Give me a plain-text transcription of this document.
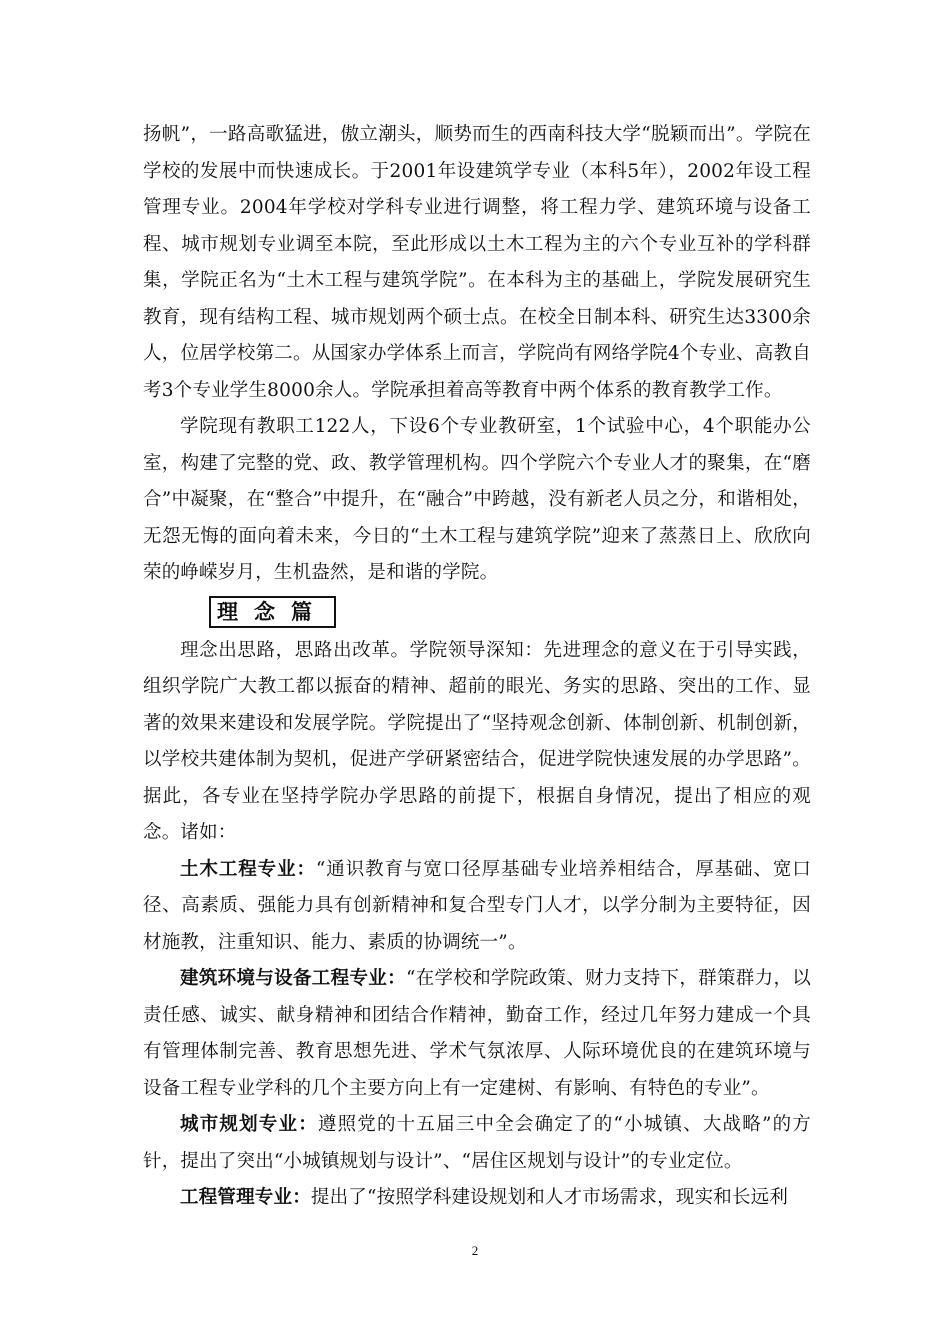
扬帆”，一路高歌猛进，傲立潮头，顺势而生的西南科技大学“脱颖而出”。学院在学校的发展中而快速成长。于2001年设建筑学专业（本科5年），2002年设工程管理专业。2004年学校对学科专业进行调整，将工程力学、建筑环境与设备工程、城市规划专业调至本院，至此形成以土木工程为主的六个专业互补的学科群集，学院正名为“土木工程与建筑学院”。在本科为主的基础上，学院发展研究生教育，现有结构工程、城市规划两个硕士点。在校全日制本科、研究生达3300余人，位居学校第二。从国家办学体系上而言，学院尚有网络学院4个专业、高教自考3个专业学生8000余人。学院承担着高等教育中两个体系的教育教学工作。

学院现有教职工122人，下设6个专业教研室，1个试验中心，4个职能办公室，构建了完整的党、政、教学管理机构。四个学院六个专业人才的聚集，在“磨合”中凝聚，在“整合”中提升，在“融合”中跨越，没有新老人员之分，和谐相处，无怨无悔的面向着未来，今日的“土木工程与建筑学院”迎来了蒸蒸日上、欣欣向荣的峥嵘岁月，生机盎然，是和谐的学院。

理念篇

理念出思路，思路出改革。学院领导深知：先进理念的意义在于引导实践，组织学院广大教工都以振奋的精神、超前的眼光、务实的思路、突出的工作、显著的效果来建设和发展学院。学院提出了“坚持观念创新、体制创新、机制创新，以学校共建体制为契机，促进产学研紧密结合，促进学院快速发展的办学思路”。据此，各专业在坚持学院办学思路的前提下，根据自身情况，提出了相应的观念。诸如：

土木工程专业：“通识教育与宽口径厚基础专业培养相结合，厚基础、宽口径、高素质、强能力具有创新精神和复合型专门人才，以学分制为主要特征，因材施教，注重知识、能力、素质的协调统一”。

建筑环境与设备工程专业：“在学校和学院政策、财力支持下，群策群力，以责任感、诚实、献身精神和团结合作精神，勤奋工作，经过几年努力建成一个具有管理体制完善、教育思想先进、学术气氛浓厚、人际环境优良的在建筑环境与设备工程专业学科的几个主要方向上有一定建树、有影响、有特色的专业”。

城市规划专业：遵照党的十五届三中全会确定了的“小城镇、大战略”的方针，提出了突出“小城镇规划与设计”、“居住区规划与设计”的专业定位。

工程管理专业：提出了“按照学科建设规划和人才市场需求，现实和长远利

2
